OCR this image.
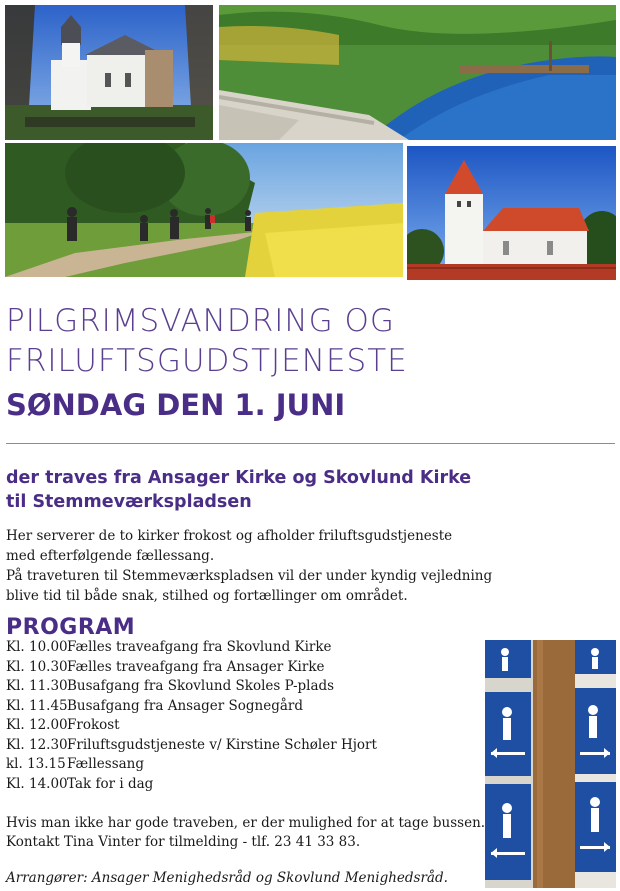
PILGRIMSVANDRING OG
FRILUFTSGUDSTJENESTE
SØNDAG DEN 1. JUNI
der traves fra Ansager Kirke og Skovlund Kirke
til Stemmeværkspladsen
Her serverer de to kirker frokost og afholder friluftsgudstjeneste
med efterfølgende fællessang.
På traveturen til Stemmeværkspladsen vil der under kyndig vejledning
blive tid til både snak, stilhed og fortællinger om området.
PROGRAM
Kl. 10.00Fælles traveafgang fra Skovlund Kirke
Kl. 10.30Fælles traveafgang fra Ansager Kirke
Kl. 11.30Busafgang fra Skovlund Skoles P-plads
Kl. 11.45Busafgang fra Ansager Sognegård
Kl. 12.00Frokost
Kl. 12.30Friluftsgudstjeneste v/ Kirstine Schøler Hjort
kl. 13.15Fællessang
Kl. 14.00Tak for i dag
Hvis man ikke har gode traveben, er der mulighed for at tage bussen.
Kontakt Tina Vinter for tilmelding - tlf. 23 41 33 83.
Arrangører: Ansager Menighedsråd og Skovlund Menighedsråd.
